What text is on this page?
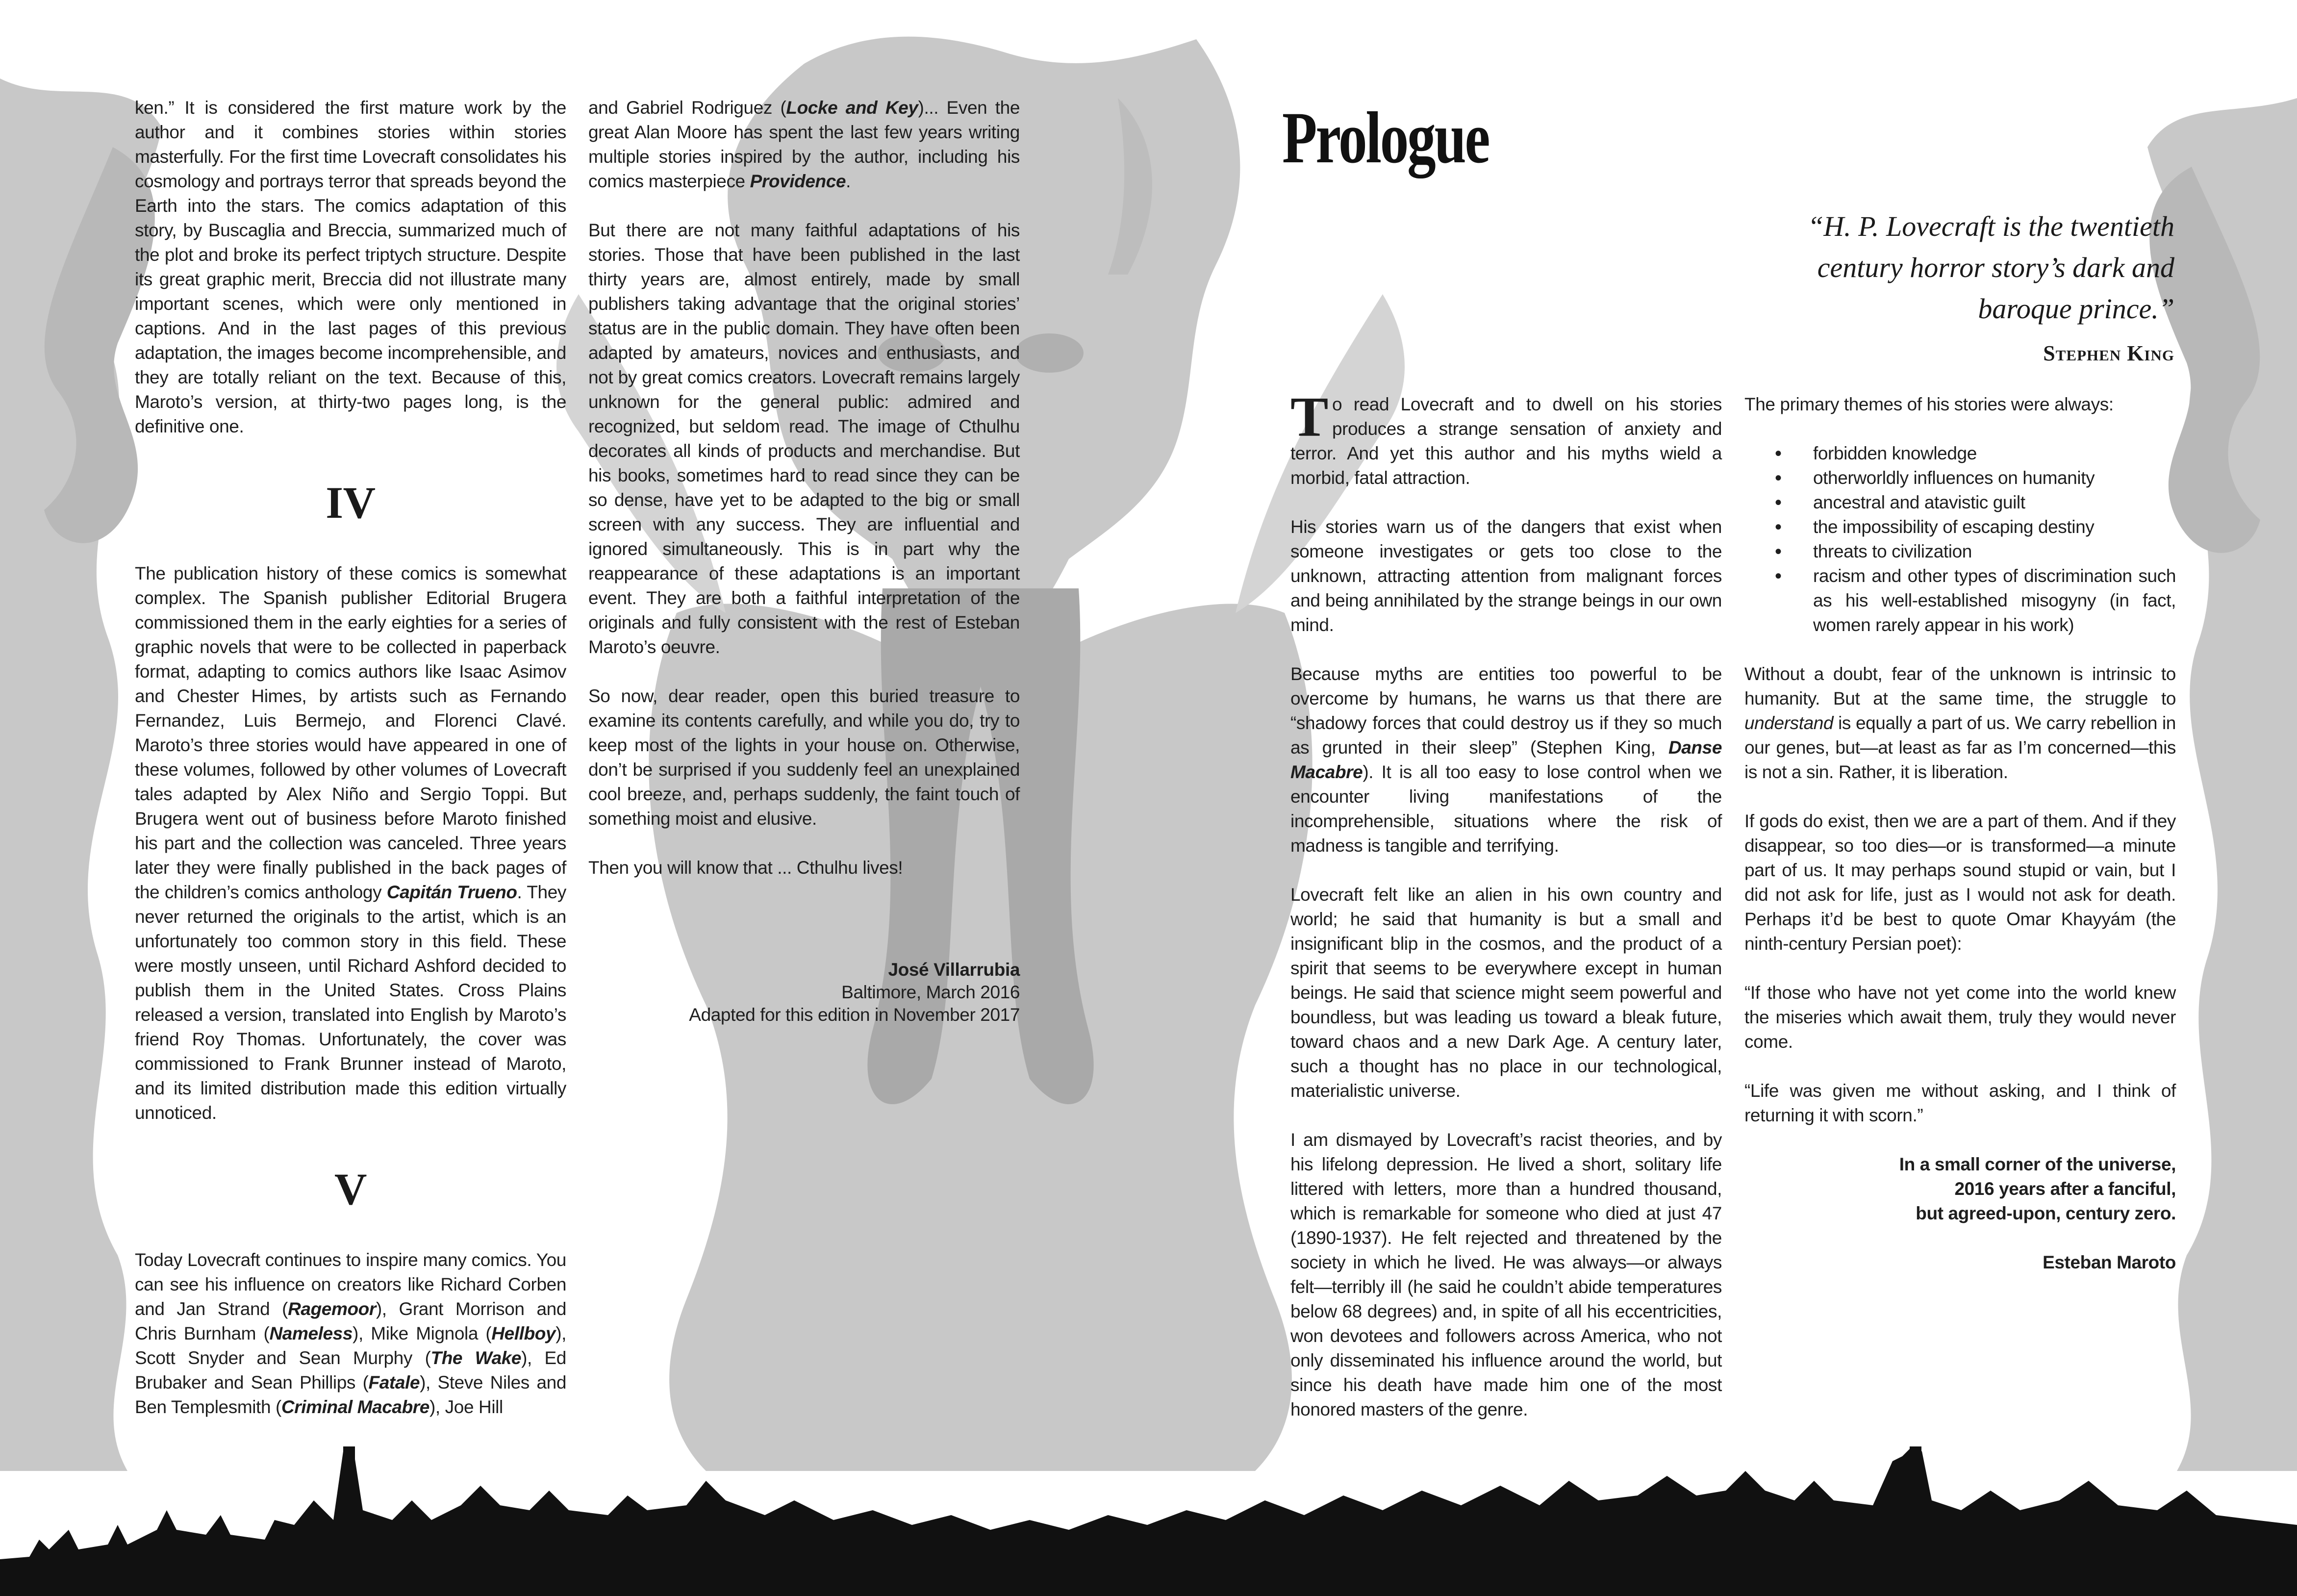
ken.” It is considered the first mature work by the author and it combines stories within stories masterfully. For the first time Lovecraft consolidates his cosmology and portrays terror that spreads beyond the Earth into the stars. The comics adaptation of this story, by Buscaglia and Breccia, summarized much of the plot and broke its perfect triptych structure. Despite its great graphic merit, Breccia did not illustrate many important scenes, which were only mentioned in captions. And in the last pages of this previous adaptation, the images become incomprehensible, and they are totally reliant on the text. Because of this, Maroto’s version, at thirty-two pages long, is the definitive one.

IV

The publication history of these comics is somewhat complex. The Spanish publisher Editorial Brugera commissioned them in the early eighties for a series of graphic novels that were to be collected in paperback format, adapting to comics authors like Isaac Asimov and Chester Himes, by artists such as Fernando Fernandez, Luis Bermejo, and Florenci Clavé. Maroto’s three stories would have appeared in one of these volumes, followed by other volumes of Lovecraft tales adapted by Alex Niño and Sergio Toppi. But Brugera went out of business before Maroto finished his part and the collection was canceled. Three years later they were finally published in the back pages of the children’s comics anthology Capitán Trueno. They never returned the originals to the artist, which is an unfortunately too common story in this field. These were mostly unseen, until Richard Ashford decided to publish them in the United States. Cross Plains released a version, translated into English by Maroto’s friend Roy Thomas. Unfortunately, the cover was commissioned to Frank Brunner instead of Maroto, and its limited distribution made this edition virtually unnoticed.

V

Today Lovecraft continues to inspire many comics. You can see his influence on creators like Richard Corben and Jan Strand (Ragemoor), Grant Morrison and Chris Burnham (Nameless), Mike Mignola (Hellboy), Scott Snyder and Sean Murphy (The Wake), Ed Brubaker and Sean Phillips (Fatale), Steve Niles and Ben Templesmith (Criminal Macabre), Joe Hill

and Gabriel Rodriguez (Locke and Key)... Even the great Alan Moore has spent the last few years writing multiple stories inspired by the author, including his comics masterpiece Providence.

But there are not many faithful adaptations of his stories. Those that have been published in the last thirty years are, almost entirely, made by small publishers taking advantage that the original stories’ status are in the public domain. They have often been adapted by amateurs, novices and enthusiasts, and not by great comics creators. Lovecraft remains largely unknown for the general public: admired and recognized, but seldom read. The image of Cthulhu decorates all kinds of products and merchandise. But his books, sometimes hard to read since they can be so dense, have yet to be adapted to the big or small screen with any success. They are influential and ignored simultaneously. This is in part why the reappearance of these adaptations is an important event. They are both a faithful interpretation of the originals and fully consistent with the rest of Esteban Maroto’s oeuvre.

So now, dear reader, open this buried treasure to examine its contents carefully, and while you do, try to keep most of the lights in your house on. Otherwise, don’t be surprised if you suddenly feel an unexplained cool breeze, and, perhaps suddenly, the faint touch of something moist and elusive.

Then you will know that ... Cthulhu lives!

José Villarrubia
Baltimore, March 2016
Adapted for this edition in November 2017
Prologue
“H. P. Lovecraft is the twentieth century horror story’s dark and baroque prince.”
Stephen King

To read Lovecraft and to dwell on his stories produces a strange sensation of anxiety and terror. And yet this author and his myths wield a morbid, fatal attraction.

His stories warn us of the dangers that exist when someone investigates or gets too close to the unknown, attracting attention from malignant forces and being annihilated by the strange beings in our own mind.

Because myths are entities too powerful to be overcome by humans, he warns us that there are “shadowy forces that could destroy us if they so much as grunted in their sleep” (Stephen King, Danse Macabre). It is all too easy to lose control when we encounter living manifestations of the incomprehensible, situations where the risk of madness is tangible and terrifying.

Lovecraft felt like an alien in his own country and world; he said that humanity is but a small and insignificant blip in the cosmos, and the product of a spirit that seems to be everywhere except in human beings. He said that science might seem powerful and boundless, but was leading us toward a bleak future, toward chaos and a new Dark Age. A century later, such a thought has no place in our technological, materialistic universe.

I am dismayed by Lovecraft’s racist theories, and by his lifelong depression. He lived a short, solitary life littered with letters, more than a hundred thousand, which is remarkable for someone who died at just 47 (1890-1937). He felt rejected and threatened by the society in which he lived. He was always—or always felt—terribly ill (he said he couldn’t abide temperatures below 68 degrees) and, in spite of all his eccentricities, won devotees and followers across America, who not only disseminated his influence around the world, but since his death have made him one of the most honored masters of the genre.

The primary themes of his stories were always:

• forbidden knowledge
• otherworldly influences on humanity
• ancestral and atavistic guilt
• the impossibility of escaping destiny
• threats to civilization
• racism and other types of discrimination such as his well-established misogyny (in fact, women rarely appear in his work)

Without a doubt, fear of the unknown is intrinsic to humanity. But at the same time, the struggle to understand is equally a part of us. We carry rebellion in our genes, but—at least as far as I’m concerned—this is not a sin. Rather, it is liberation.

If gods do exist, then we are a part of them. And if they disappear, so too dies—or is transformed—a minute part of us. It may perhaps sound stupid or vain, but I did not ask for life, just as I would not ask for death. Perhaps it’d be best to quote Omar Khayyám (the ninth-century Persian poet):

“If those who have not yet come into the world knew the miseries which await them, truly they would never come.

“Life was given me without asking, and I think of returning it with scorn.”

In a small corner of the universe,
2016 years after a fanciful,
but agreed-upon, century zero.
Esteban Maroto
